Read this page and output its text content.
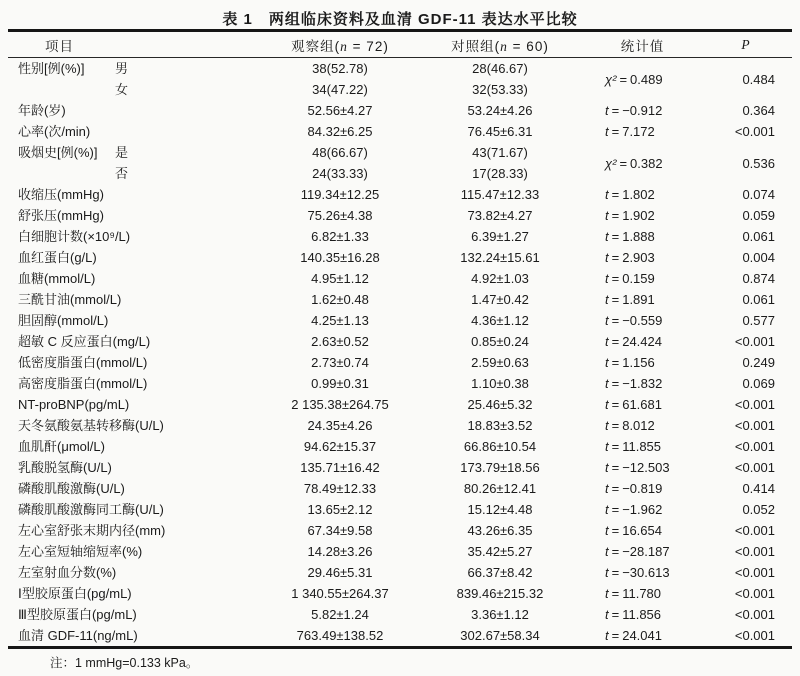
表 1　两组临床资料及血清 GDF-11 表达水平比较
项目	观察组(n = 72)	对照组(n = 60)	统计值	P
性别[例(%)] 男	38(52.78)	28(46.67)	χ² = 0.489	0.484
女	34(47.22)	32(53.33)		
年龄(岁)	52.56±4.27	53.24±4.26	t = −0.912	0.364
心率(次/min)	84.32±6.25	76.45±6.31	t = 7.172	<0.001
吸烟史[例(%)] 是	48(66.67)	43(71.67)	χ² = 0.382	0.536
否	24(33.33)	17(28.33)		
收缩压(mmHg)	119.34±12.25	115.47±12.33	t = 1.802	0.074
舒张压(mmHg)	75.26±4.38	73.82±4.27	t = 1.902	0.059
白细胞计数(×10⁹/L)	6.82±1.33	6.39±1.27	t = 1.888	0.061
血红蛋白(g/L)	140.35±16.28	132.24±15.61	t = 2.903	0.004
血糖(mmol/L)	4.95±1.12	4.92±1.03	t = 0.159	0.874
三酰甘油(mmol/L)	1.62±0.48	1.47±0.42	t = 1.891	0.061
胆固醇(mmol/L)	4.25±1.13	4.36±1.12	t = −0.559	0.577
超敏 C 反应蛋白(mg/L)	2.63±0.52	0.85±0.24	t = 24.424	<0.001
低密度脂蛋白(mmol/L)	2.73±0.74	2.59±0.63	t = 1.156	0.249
高密度脂蛋白(mmol/L)	0.99±0.31	1.10±0.38	t = −1.832	0.069
NT-proBNP(pg/mL)	2 135.38±264.75	25.46±5.32	t = 61.681	<0.001
天冬氨酸氨基转移酶(U/L)	24.35±4.26	18.83±3.52	t = 8.012	<0.001
血肌酐(μmol/L)	94.62±15.37	66.86±10.54	t = 11.855	<0.001
乳酸脱氢酶(U/L)	135.71±16.42	173.79±18.56	t = −12.503	<0.001
磷酸肌酸激酶(U/L)	78.49±12.33	80.26±12.41	t = −0.819	0.414
磷酸肌酸激酶同工酶(U/L)	13.65±2.12	15.12±4.48	t = −1.962	0.052
左心室舒张末期内径(mm)	67.34±9.58	43.26±6.35	t = 16.654	<0.001
左心室短轴缩短率(%)	14.28±3.26	35.42±5.27	t = −28.187	<0.001
左室射血分数(%)	29.46±5.31	66.37±8.42	t = −30.613	<0.001
Ⅰ型胶原蛋白(pg/mL)	1 340.55±264.37	839.46±215.32	t = 11.780	<0.001
Ⅲ型胶原蛋白(pg/mL)	5.82±1.24	3.36±1.12	t = 11.856	<0.001
血清 GDF-11(ng/mL)	763.49±138.52	302.67±58.34	t = 24.041	<0.001
注：1 mmHg=0.133 kPa。
